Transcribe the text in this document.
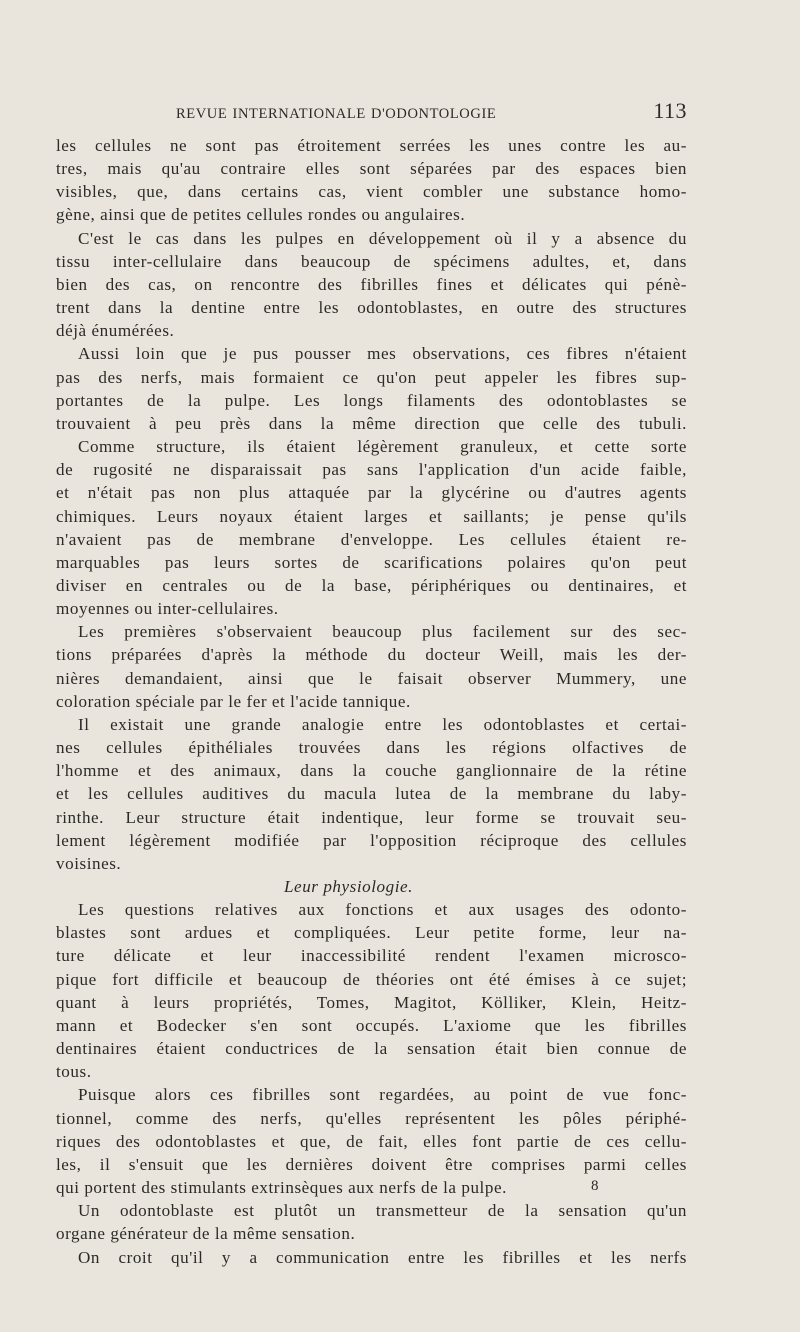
REVUE INTERNATIONALE D'ODONTOLOGIE	113
les cellules ne sont pas étroitement serrées les unes contre les au-
tres, mais qu'au contraire elles sont séparées par des espaces bien
visibles, que, dans certains cas, vient combler une substance homo-
gène, ainsi que de petites cellules rondes ou angulaires.
C'est le cas dans les pulpes en développement où il y a absence du
tissu inter-cellulaire dans beaucoup de spécimens adultes, et, dans
bien des cas, on rencontre des fibrilles fines et délicates qui pénè-
trent dans la dentine entre les odontoblastes, en outre des structures
déjà énumérées.
Aussi loin que je pus pousser mes observations, ces fibres n'étaient
pas des nerfs, mais formaient ce qu'on peut appeler les fibres sup-
portantes de la pulpe. Les longs filaments des odontoblastes se
trouvaient à peu près dans la même direction que celle des tubuli.
Comme structure, ils étaient légèrement granuleux, et cette sorte
de rugosité ne disparaissait pas sans l'application d'un acide faible,
et n'était pas non plus attaquée par la glycérine ou d'autres agents
chimiques. Leurs noyaux étaient larges et saillants; je pense qu'ils
n'avaient pas de membrane d'enveloppe. Les cellules étaient re-
marquables pas leurs sortes de scarifications polaires qu'on peut
diviser en centrales ou de la base, périphériques ou dentinaires, et
moyennes ou inter-cellulaires.
Les premières s'observaient beaucoup plus facilement sur des sec-
tions préparées d'après la méthode du docteur Weill, mais les der-
nières demandaient, ainsi que le faisait observer Mummery, une
coloration spéciale par le fer et l'acide tannique.
Il existait une grande analogie entre les odontoblastes et certai-
nes cellules épithéliales trouvées dans les régions olfactives de
l'homme et des animaux, dans la couche ganglionnaire de la rétine
et les cellules auditives du macula lutea de la membrane du laby-
rinthe. Leur structure était indentique, leur forme se trouvait seu-
lement légèrement modifiée par l'opposition réciproque des cellules
voisines.
Leur physiologie.
Les questions relatives aux fonctions et aux usages des odonto-
blastes sont ardues et compliquées. Leur petite forme, leur na-
ture délicate et leur inaccessibilité rendent l'examen microsco-
pique fort difficile et beaucoup de théories ont été émises à ce sujet;
quant à leurs propriétés, Tomes, Magitot, Kölliker, Klein, Heitz-
mann et Bodecker s'en sont occupés. L'axiome que les fibrilles
dentinaires étaient conductrices de la sensation était bien connue de
tous.
Puisque alors ces fibrilles sont regardées, au point de vue fonc-
tionnel, comme des nerfs, qu'elles représentent les pôles périphé-
riques des odontoblastes et que, de fait, elles font partie de ces cellu-
les, il s'ensuit que les dernières doivent être comprises parmi celles
qui portent des stimulants extrinsèques aux nerfs de la pulpe.
Un odontoblaste est plutôt un transmetteur de la sensation qu'un
organe générateur de la même sensation.
On croit qu'il y a communication entre les fibrilles et les nerfs
8
